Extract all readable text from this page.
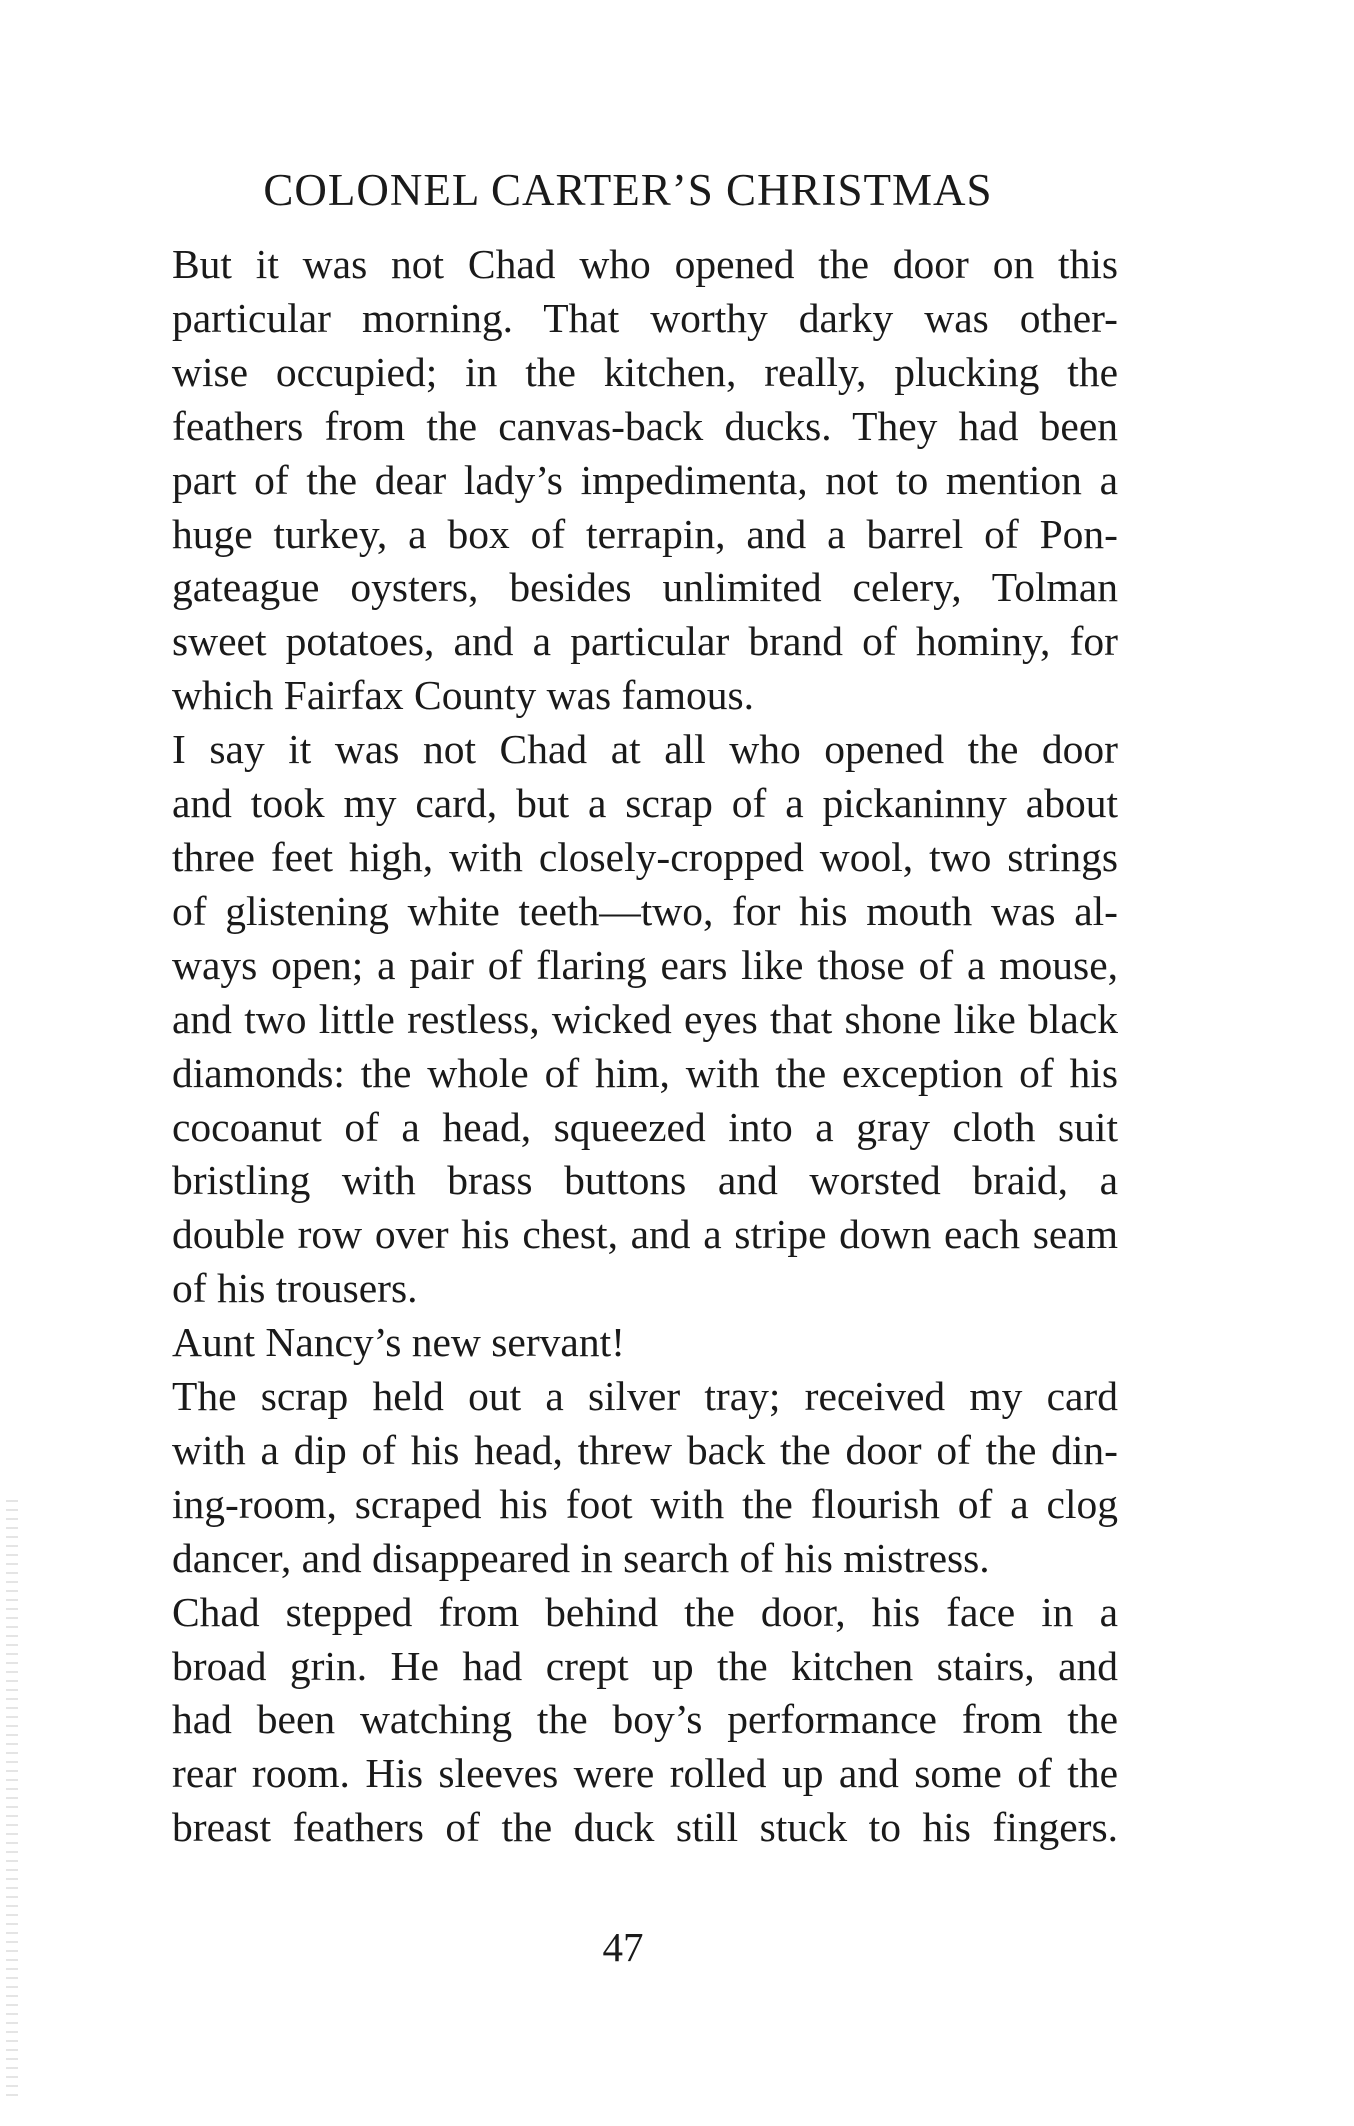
COLONEL CARTER’S CHRISTMAS

But it was not Chad who opened the door on this
particular morning. That worthy darky was other-
wise occupied; in the kitchen, really, plucking the
feathers from the canvas-back ducks. They had been
part of the dear lady’s impedimenta, not to mention a
huge turkey, a box of terrapin, and a barrel of Pon-
gateague oysters, besides unlimited celery, Tolman
sweet potatoes, and a particular brand of hominy, for
which Fairfax County was famous.

I say it was not Chad at all who opened the door
and took my card, but a scrap of a pickaninny about
three feet high, with closely-cropped wool, two strings
of glistening white teeth—two, for his mouth was al-
ways open; a pair of flaring ears like those of a mouse,
and two little restless, wicked eyes that shone like black
diamonds: the whole of him, with the exception of his
cocoanut of a head, squeezed into a gray cloth suit
bristling with brass buttons and worsted braid, a
double row over his chest, and a stripe down each seam
of his trousers.

Aunt Nancy’s new servant!

The scrap held out a silver tray; received my card
with a dip of his head, threw back the door of the din-
ing-room, scraped his foot with the flourish of a clog
dancer, and disappeared in search of his mistress.

Chad stepped from behind the door, his face in a
broad grin. He had crept up the kitchen stairs, and
had been watching the boy’s performance from the
rear room. His sleeves were rolled up and some of the
breast feathers of the duck still stuck to his fingers.

47
